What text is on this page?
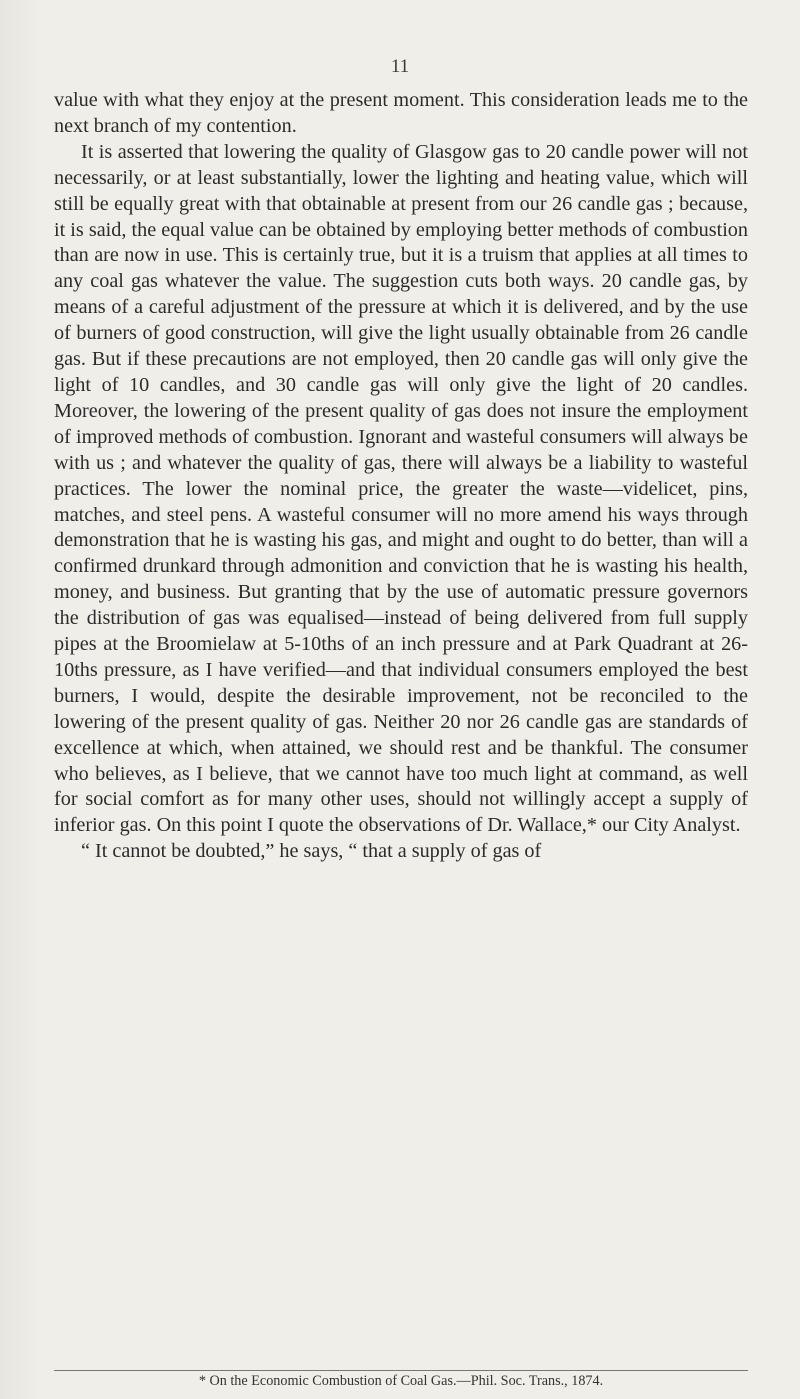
11

value with what they enjoy at the present moment. This consideration leads me to the next branch of my contention.

It is asserted that lowering the quality of Glasgow gas to 20 candle power will not necessarily, or at least substantially, lower the lighting and heating value, which will still be equally great with that obtainable at present from our 26 candle gas ; because, it is said, the equal value can be obtained by employing better methods of combustion than are now in use. This is certainly true, but it is a truism that applies at all times to any coal gas whatever the value. The suggestion cuts both ways. 20 candle gas, by means of a careful adjustment of the pressure at which it is delivered, and by the use of burners of good construction, will give the light usually obtainable from 26 candle gas. But if these precautions are not employed, then 20 candle gas will only give the light of 10 candles, and 30 candle gas will only give the light of 20 candles. Moreover, the lowering of the present quality of gas does not insure the employment of improved methods of combustion. Ignorant and wasteful consumers will always be with us ; and whatever the quality of gas, there will always be a liability to wasteful practices. The lower the nominal price, the greater the waste—videlicet, pins, matches, and steel pens. A wasteful consumer will no more amend his ways through demonstration that he is wasting his gas, and might and ought to do better, than will a confirmed drunkard through admonition and conviction that he is wasting his health, money, and business. But granting that by the use of automatic pressure governors the distribution of gas was equalised—instead of being delivered from full supply pipes at the Broomielaw at 5-10ths of an inch pressure and at Park Quadrant at 26-10ths pressure, as I have verified—and that individual consumers employed the best burners, I would, despite the desirable improvement, not be reconciled to the lowering of the present quality of gas. Neither 20 nor 26 candle gas are standards of excellence at which, when attained, we should rest and be thankful. The consumer who believes, as I believe, that we cannot have too much light at command, as well for social comfort as for many other uses, should not willingly accept a supply of inferior gas. On this point I quote the observations of Dr. Wallace,* our City Analyst.

“ It cannot be doubted,” he says, “ that a supply of gas of

* On the Economic Combustion of Coal Gas.—Phil. Soc. Trans., 1874.
